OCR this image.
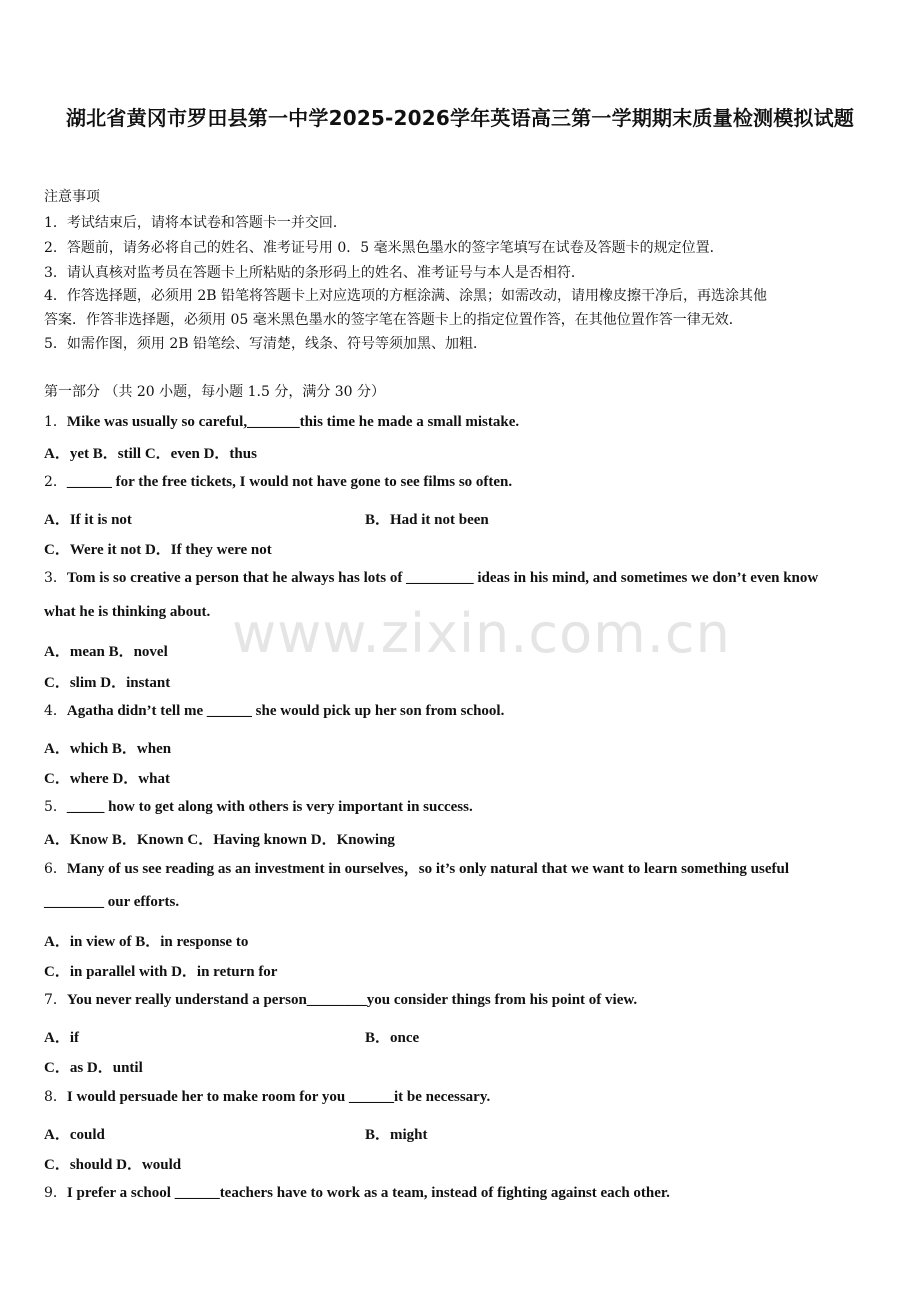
湖北省黄冈市罗田县第一中学2025-2026学年英语高三第一学期期末质量检测模拟试题
注意事项
1．考试结束后，请将本试卷和答题卡一并交回．
2．答题前，请务必将自己的姓名、准考证号用 0．5 毫米黑色墨水的签字笔填写在试卷及答题卡的规定位置．
3．请认真核对监考员在答题卡上所粘贴的条形码上的姓名、准考证号与本人是否相符．
4．作答选择题，必须用 2B 铅笔将答题卡上对应选项的方框涂满、涂黑；如需改动，请用橡皮擦干净后，再选涂其他
答案．作答非选择题，必须用 05 毫米黑色墨水的签字笔在答题卡上的指定位置作答，在其他位置作答一律无效．
5．如需作图，须用 2B 铅笔绘、写清楚，线条、符号等须加黑、加粗．
第一部分 （共 20 小题，每小题 1.5 分，满分 30 分）
1．Mike was usually so careful,_______this time he made a small mistake.
A．yet B．still C．even D．thus
2．______ for the free tickets, I would not have gone to see films so often.
A．If it is not	B．Had it not been
C．Were it not D．If they were not
3．Tom is so creative a person that he always has lots of _________ ideas in his mind, and sometimes we don’t even know
what he is thinking about.
A．mean B．novel
C．slim D．instant
4．Agatha didn’t tell me ______ she would pick up her son from school.
A．which B．when
C．where D．what
5．_____ how to get along with others is very important in success.
A．Know B．Known C．Having known D．Knowing
6．Many of us see reading as an investment in ourselves，so it’s only natural that we want to learn something useful
________ our efforts.
A．in view of B．in response to
C．in parallel with D．in return for
7．You never really understand a person________you consider things from his point of view.
A．if	B．once
C．as D．until
8．I would persuade her to make room for you ______it be necessary.
A．could	B．might
C．should D．would
9．I prefer a school ______teachers have to work as a team, instead of fighting against each other.
www.zixin.com.cn
